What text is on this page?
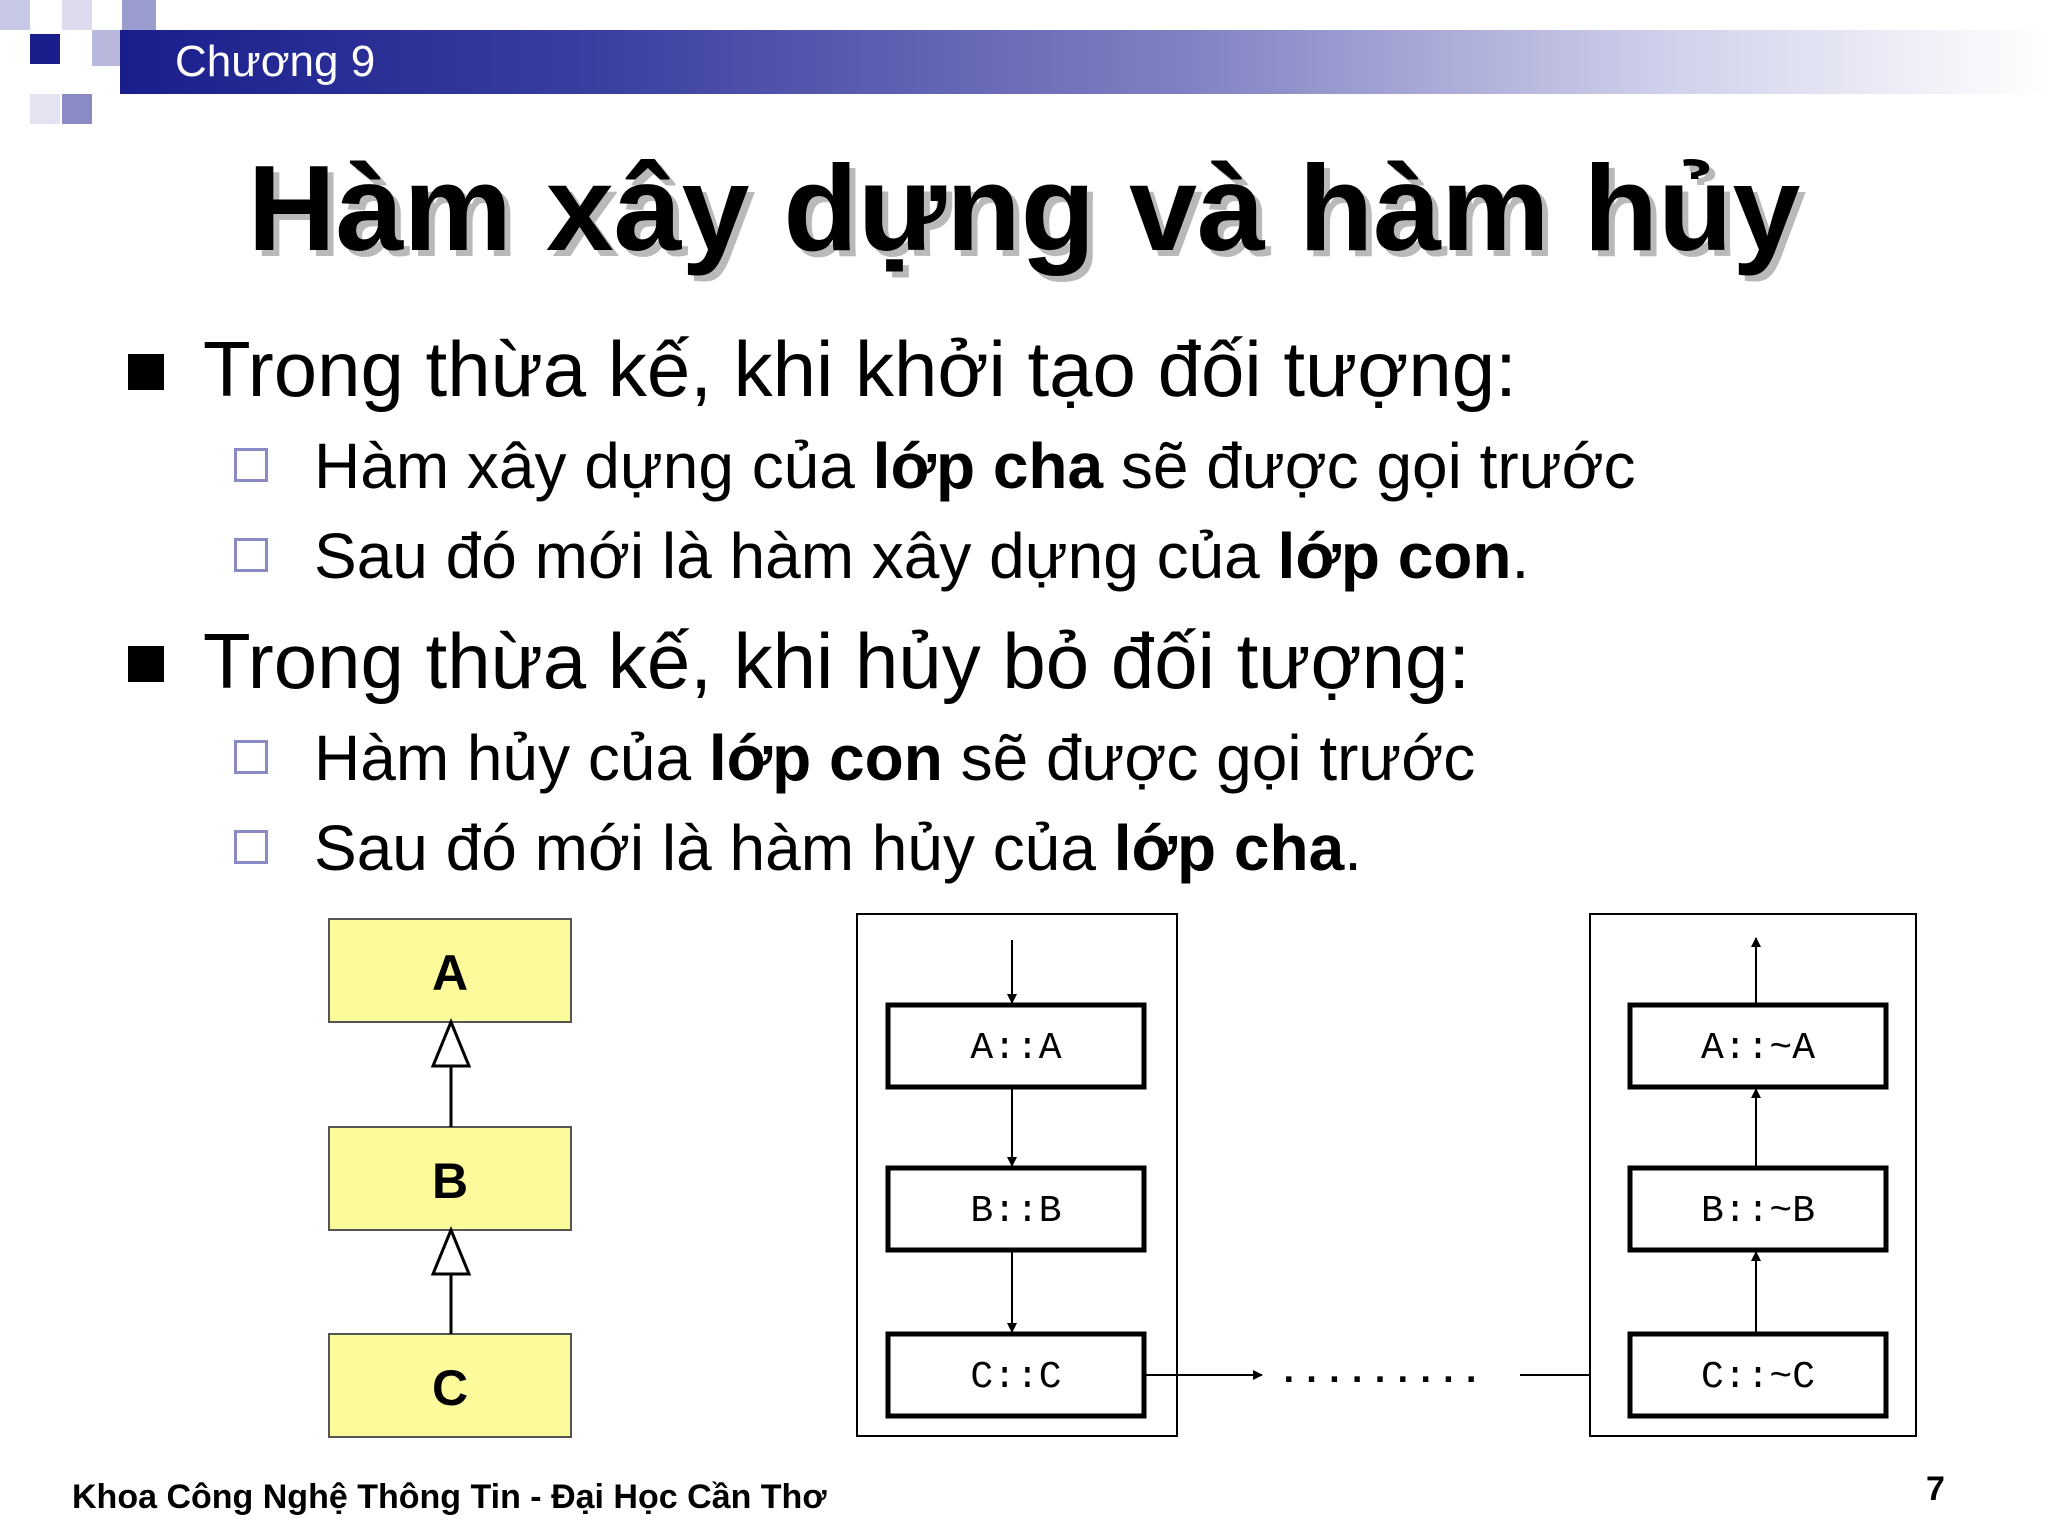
Chương 9
Hàm xây dựng và hàm hủy
Trong thừa kế, khi khởi tạo đối tượng:
Hàm xây dựng của lớp cha sẽ được gọi trước
Sau đó mới là hàm xây dựng của lớp con.
Trong thừa kế, khi hủy bỏ đối tượng:
Hàm hủy của lớp con sẽ được gọi trước
Sau đó mới là hàm hủy của lớp cha.
A
B
C
A::A
B::B
C::C	.........
A::~A
B::~B
C::~C
Khoa Công Nghệ Thông Tin - Đại Học Cần Thơ	7
